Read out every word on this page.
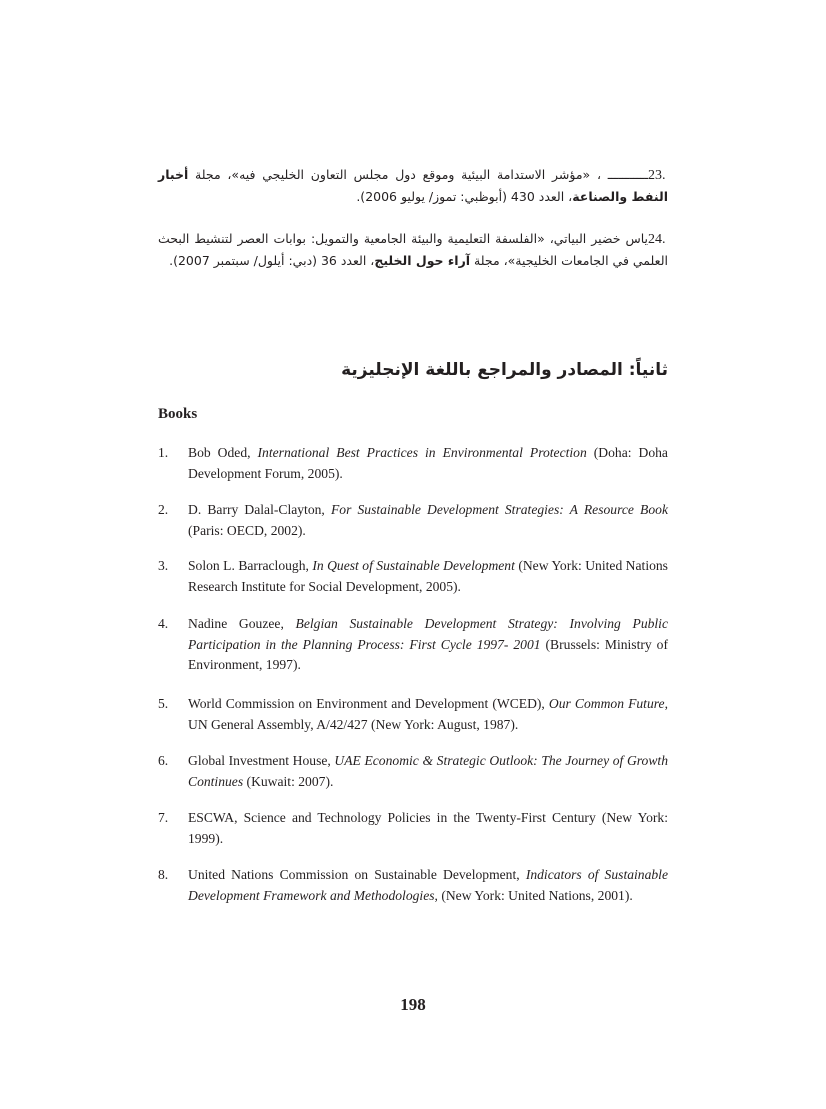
23.ـــــــــــ ، «مؤشر الاستدامة البيئية وموقع دول مجلس التعاون الخليجي فيه»، مجلة أخبار النفط والصناعة، العدد 430 (أبوظبي: تموز/ يوليو 2006).
24.ياس خضير البياتي، «الفلسفة التعليمية والبيئة الجامعية والتمويل: بوابات العصر لتنشيط البحث العلمي في الجامعات الخليجية»، مجلة آراء حول الخليج، العدد 36 (دبي: أيلول/ سبتمبر 2007).
ثانياً: المصادر والمراجع باللغة الإنجليزية
Books
1. Bob Oded, International Best Practices in Environmental Protection (Doha: Doha Development Forum, 2005).
2. D. Barry Dalal-Clayton, For Sustainable Development Strategies: A Resource Book (Paris: OECD, 2002).
3. Solon L. Barraclough, In Quest of Sustainable Development (New York: United Nations Research Institute for Social Development, 2005).
4. Nadine Gouzee, Belgian Sustainable Development Strategy: Involving Public Participation in the Planning Process: First Cycle 1997- 2001 (Brussels: Ministry of Environment, 1997).
5. World Commission on Environment and Development (WCED), Our Common Future, UN General Assembly, A/42/427 (New York: August, 1987).
6. Global Investment House, UAE Economic & Strategic Outlook: The Journey of Growth Continues (Kuwait: 2007).
7. ESCWA, Science and Technology Policies in the Twenty-First Century (New York: 1999).
8. United Nations Commission on Sustainable Development, Indicators of Sustainable Development Framework and Methodologies, (New York: United Nations, 2001).
198
